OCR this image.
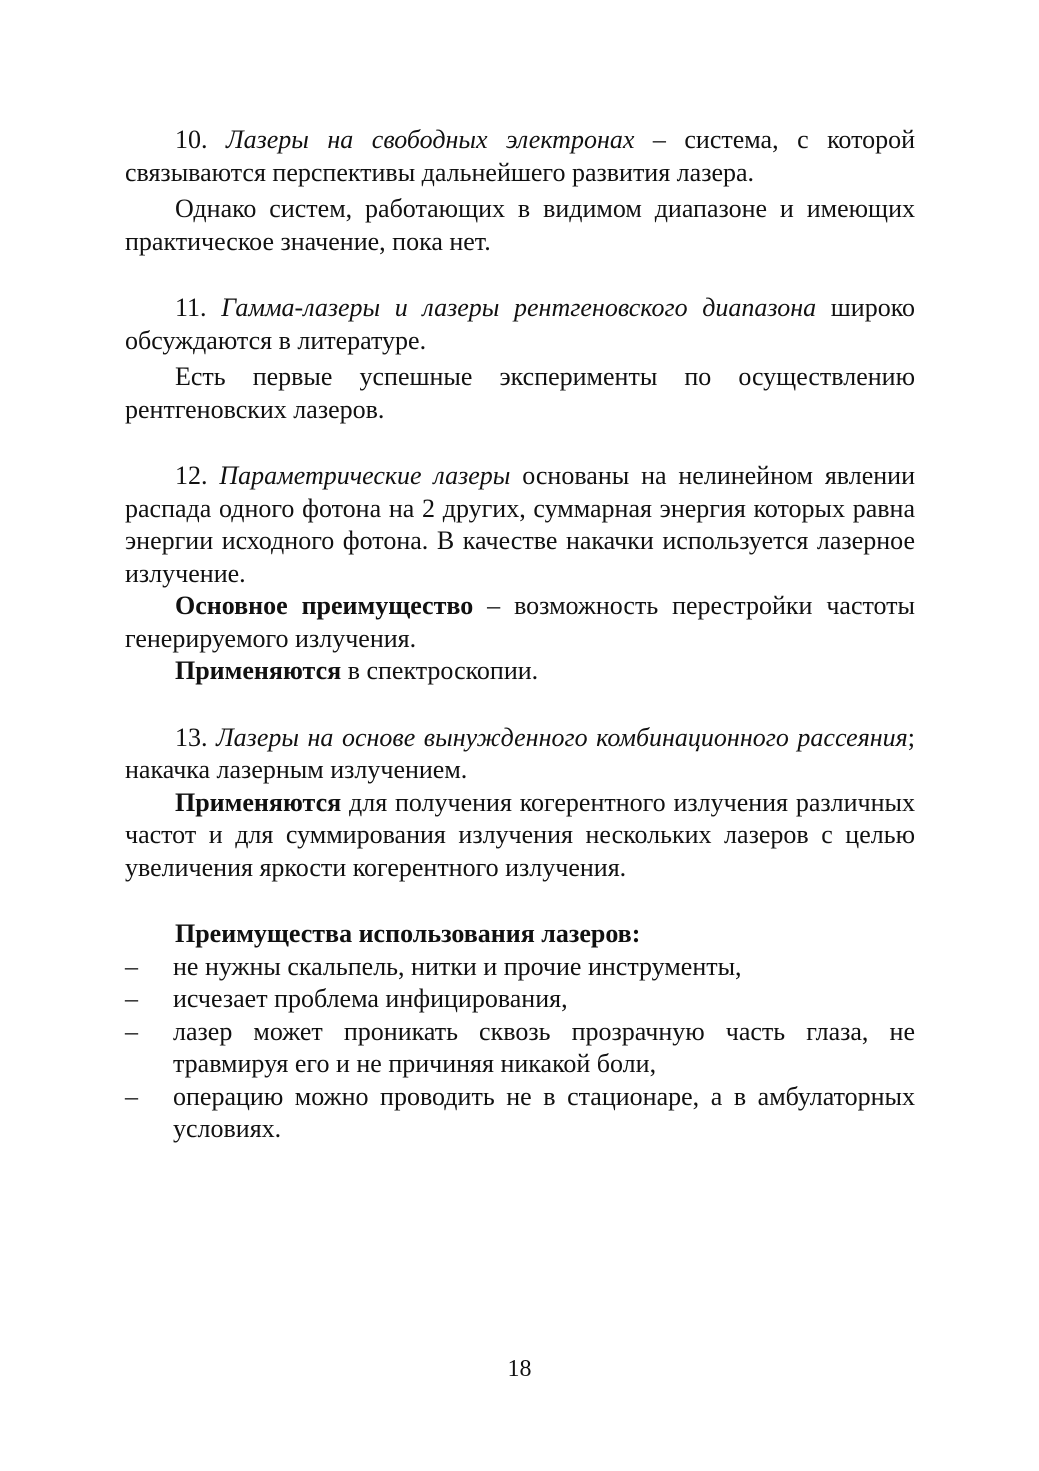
10. Лазеры на свободных электронах – система, с которой связываются перспективы дальнейшего развития лазера.

Однако систем, работающих в видимом диапазоне и имеющих практическое значение, пока нет.

11. Гамма-лазеры и лазеры рентгеновского диапазона широко обсуждаются в литературе.

Есть первые успешные эксперименты по осуществлению рентгеновских лазеров.

12. Параметрические лазеры основаны на нелинейном явлении распада одного фотона на 2 других, суммарная энергия которых равна энергии исходного фотона. В качестве накачки используется лазерное излучение.

Основное преимущество – возможность перестройки частоты генерируемого излучения.

Применяются в спектроскопии.

13. Лазеры на основе вынужденного комбинационного рассеяния; накачка лазерным излучением.

Применяются для получения когерентного излучения различных частот и для суммирования излучения нескольких лазеров с целью увеличения яркости когерентного излучения.

Преимущества использования лазеров:

– не нужны скальпель, нитки и прочие инструменты,
– исчезает проблема инфицирования,
– лазер может проникать сквозь прозрачную часть глаза, не травмируя его и не причиняя никакой боли,
– операцию можно проводить не в стационаре, а в амбулаторных условиях.
18
